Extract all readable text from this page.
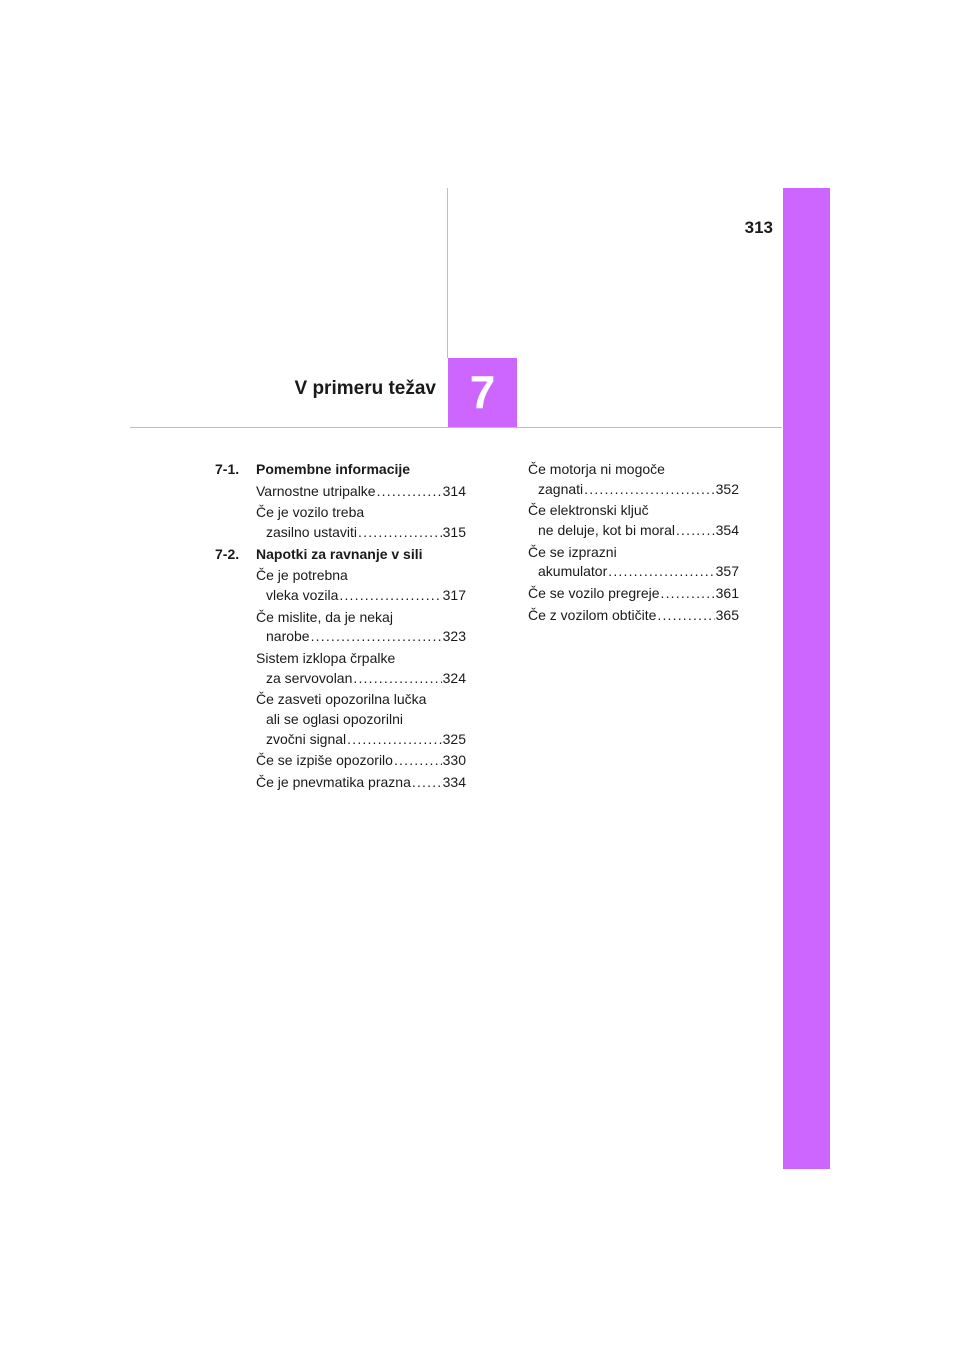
313
V primeru težav 7
7-1.	Pomembne informacije
Varnostne utripalke . . .	314
Če je vozilo treba
zasilno ustaviti . . .	315
7-2.	Napotki za ravnanje v sili
Če je potrebna
vleka vozila . . .	317
Če mislite, da je nekaj
narobe . . .	323
Sistem izklopa črpalke
za servovolan . . .	324
Če zasveti opozorilna lučka
ali se oglasi opozorilni
zvočni signal . . .	325
Če se izpiše opozorilo . . .	330
Če je pnevmatika prazna . . . 334
Če motorja ni mogoče
zagnati . . .	352
Če elektronski ključ
ne deluje, kot bi moral . . .	354
Če se izprazni
akumulator . . .	357
Če se vozilo pregreje . . .	361
Če z vozilom obtičite . . .	365
